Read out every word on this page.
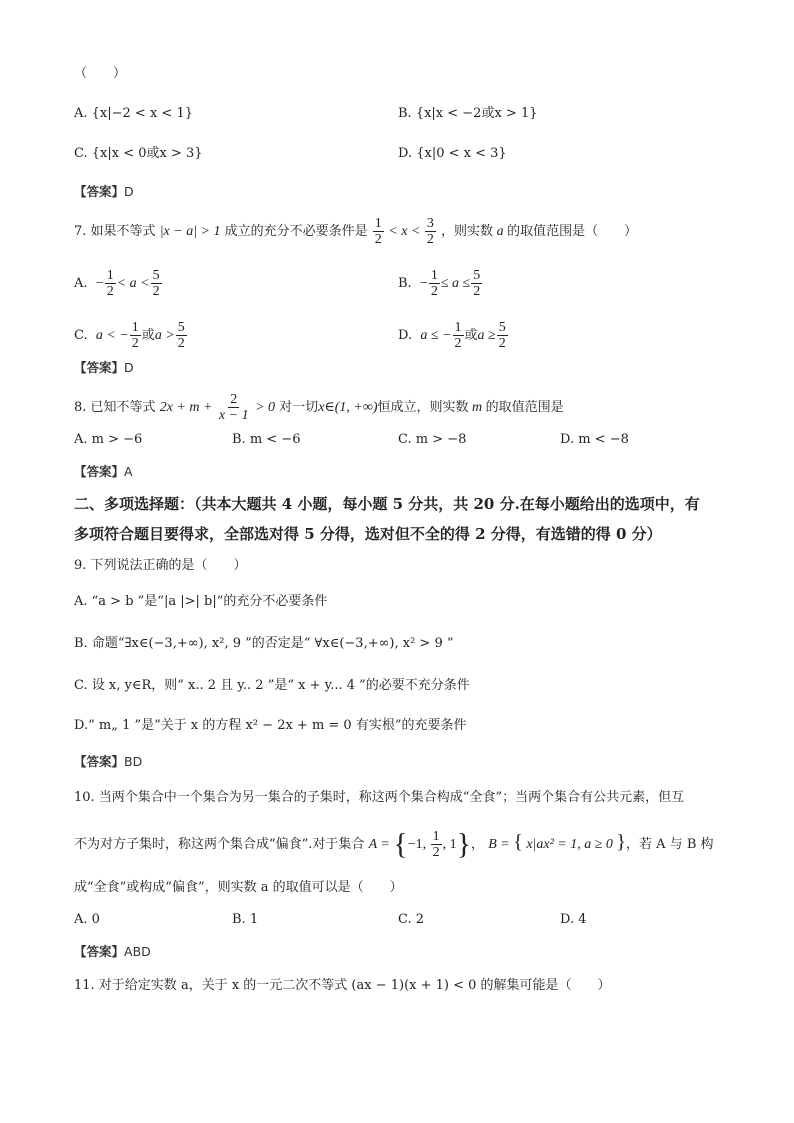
（　　）
A. {x|−2 < x < 1}	B. {x|x < −2或x > 1}
C. {x|x < 0或x > 3}	D. {x|0 < x < 3}
【答案】D
7. 如果不等式 |x − a| > 1 成立的充分不必要条件是 $\frac{1}{2} < x < \frac{3}{2}$ ，则实数 a 的取值范围是（　　）
A.  − $\frac{1}{2} < a < \frac{5}{2}$	B.  − $\frac{1}{2} \le a \le \frac{5}{2}$
C.  a < − $\frac{1}{2}$ 或$a > \frac{5}{2}$	D.  a ≤ − $\frac{1}{2}$ 或$a \ge \frac{5}{2}$
【答案】D
8. 已知不等式 $2x + m + \frac{2}{x - 1} > 0$ 对一切x∈(1, +∞)恒成立，则实数 m 的取值范围是
A. m > −6	B. m < −6	C. m > −8	D. m < −8
【答案】A
二、多项选择题：（共本大题共 4 小题，每小题 5 分共，共 20 分.在每小题给出的选项中，有
多项符合题目要得求，全部选对得 5 分得，选对但不全的得 2 分得，有选错的得 0 分）
9. 下列说法正确的是（　　）
A. “a > b ”是“|a |>| b|”的充分不必要条件
B. 命题“∃x∈(−3,+∞), x², 9 ”的否定是“ ∀x∈(−3,+∞), x² > 9 ”
C. 设 x, y∈R，则“ x.. 2 且 y.. 2 ”是“ x + y... 4 ”的必要不充分条件
D.“ m„ 1 ”是“关于 x 的方程 x² − 2x + m = 0 有实根”的充要条件
【答案】BD
10. 当两个集合中一个集合为另一集合的子集时，称这两个集合构成“全食”；当两个集合有公共元素，但互
不为对方子集时，称这两个集合成“偏食”.对于集合 A = {−1, $\frac{1}{2}$ , 1}， B = { x|ax² = 1, a ≥ 0 }，若 A 与 B 构
成“全食”或构成“偏食”，则实数 a 的取值可以是（　　）
A. 0	B. 1	C. 2	D. 4
【答案】ABD
11. 对于给定实数 a，关于 x 的一元二次不等式 (ax − 1)(x + 1) < 0 的解集可能是（　　）
